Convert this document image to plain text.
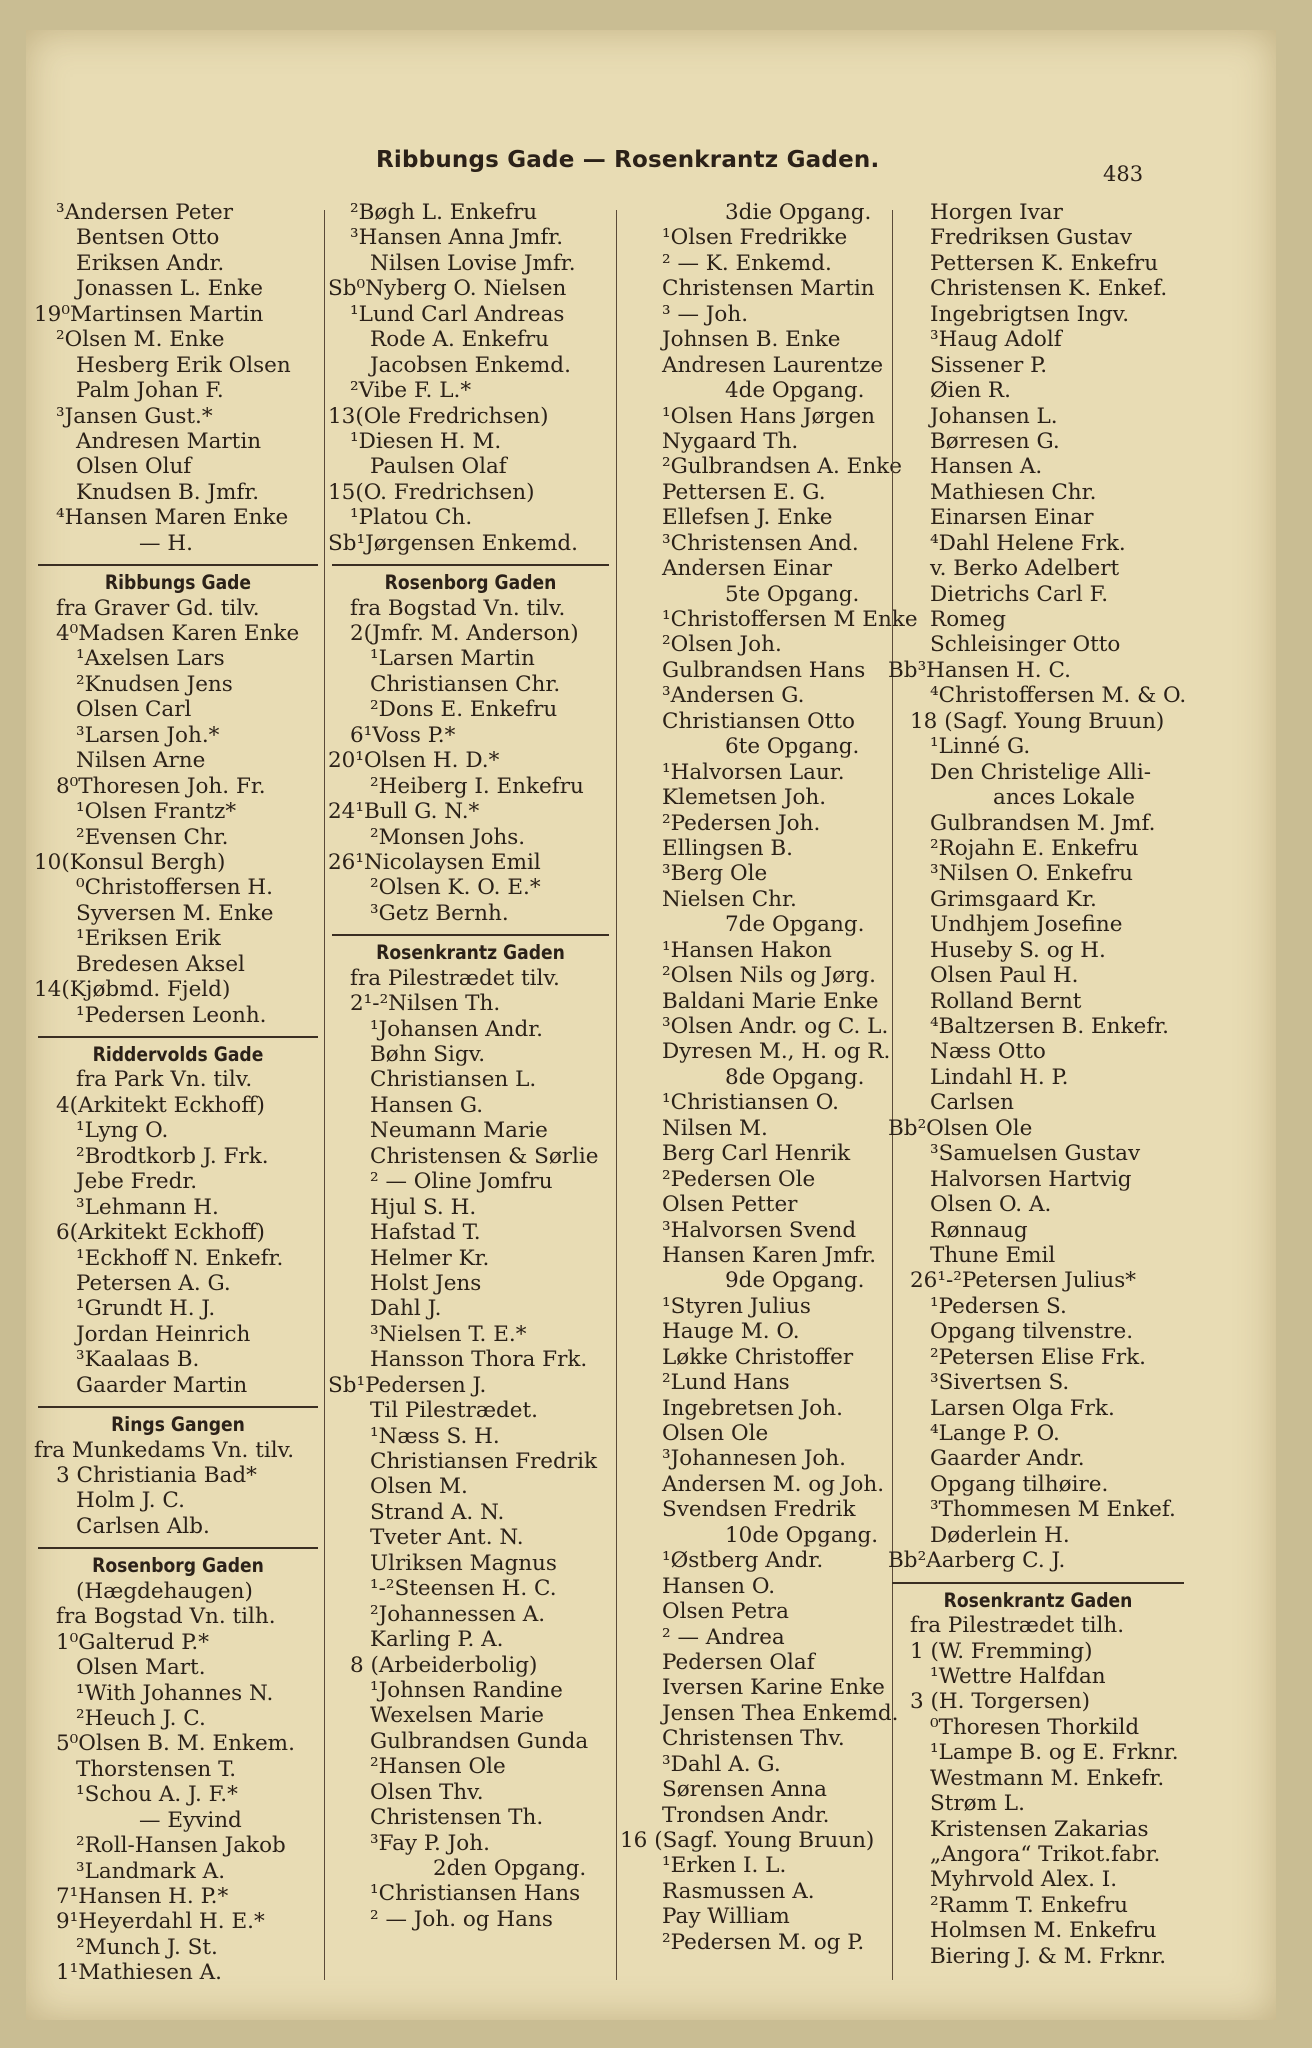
Ribbungs Gade — Rosenkrantz Gaden.
483
³Andersen Peter
Bentsen Otto
Eriksen Andr.
Jonassen L. Enke
19⁰Martinsen Martin
²Olsen M. Enke
Hesberg Erik Olsen
Palm Johan F.
³Jansen Gust.*
Andresen Martin
Olsen Oluf
Knudsen B. Jmfr.
⁴Hansen Maren Enke
— H.
Ribbungs Gade
fra Graver Gd. tilv.
4⁰Madsen Karen Enke
¹Axelsen Lars
²Knudsen Jens
Olsen Carl
³Larsen Joh.*
Nilsen Arne
8⁰Thoresen Joh. Fr.
¹Olsen Frantz*
²Evensen Chr.
10(Konsul Bergh)
⁰Christoffersen H.
Syversen M. Enke
¹Eriksen Erik
Bredesen Aksel
14(Kjøbmd. Fjeld)
¹Pedersen Leonh.
Riddervolds Gade
fra Park Vn. tilv.
4(Arkitekt Eckhoff)
¹Lyng O.
²Brodtkorb J. Frk.
Jebe Fredr.
³Lehmann H.
6(Arkitekt Eckhoff)
¹Eckhoff N. Enkefr.
Petersen A. G.
¹Grundt H. J.
Jordan Heinrich
³Kaalaas B.
Gaarder Martin
Rings Gangen
fra Munkedams Vn. tilv.
3 Christiania Bad*
Holm J. C.
Carlsen Alb.
Rosenborg Gaden
(Hægdehaugen)
fra Bogstad Vn. tilh.
1⁰Galterud P.*
Olsen Mart.
¹With Johannes N.
²Heuch J. C.
5⁰Olsen B. M. Enkem.
Thorstensen T.
¹Schou A. J. F.*
— Eyvind
²Roll-Hansen Jakob
³Landmark A.
7¹Hansen H. P.*
9¹Heyerdahl H. E.*
²Munch J. St.
1¹Mathiesen A.
²Bøgh L. Enkefru
³Hansen Anna Jmfr.
Nilsen Lovise Jmfr.
Sb⁰Nyberg O. Nielsen
¹Lund Carl Andreas
Rode A. Enkefru
Jacobsen Enkemd.
²Vibe F. L.*
13(Ole Fredrichsen)
¹Diesen H. M.
Paulsen Olaf
15(O. Fredrichsen)
¹Platou Ch.
Sb¹Jørgensen Enkemd.
Rosenborg Gaden
fra Bogstad Vn. tilv.
2(Jmfr. M. Anderson)
¹Larsen Martin
Christiansen Chr.
²Dons E. Enkefru
6¹Voss P.*
20¹Olsen H. D.*
²Heiberg I. Enkefru
24¹Bull G. N.*
²Monsen Johs.
26¹Nicolaysen Emil
²Olsen K. O. E.*
³Getz Bernh.
Rosenkrantz Gaden
fra Pilestrædet tilv.
2¹-²Nilsen Th.
¹Johansen Andr.
Bøhn Sigv.
Christiansen L.
Hansen G.
Neumann Marie
Christensen & Sørlie
² — Oline Jomfru
Hjul S. H.
Hafstad T.
Helmer Kr.
Holst Jens
Dahl J.
³Nielsen T. E.*
Hansson Thora Frk.
Sb¹Pedersen J.
Til Pilestrædet.
¹Næss S. H.
Christiansen Fredrik
Olsen M.
Strand A. N.
Tveter Ant. N.
Ulriksen Magnus
¹-²Steensen H. C.
²Johannessen A.
Karling P. A.
8 (Arbeiderbolig)
¹Johnsen Randine
Wexelsen Marie
Gulbrandsen Gunda
²Hansen Ole
Olsen Thv.
Christensen Th.
³Fay P. Joh.
2den Opgang.
¹Christiansen Hans
² — Joh. og Hans
3die Opgang.
¹Olsen Fredrikke
² — K. Enkemd.
Christensen Martin
³ — Joh.
Johnsen B. Enke
Andresen Laurentze
4de Opgang.
¹Olsen Hans Jørgen
Nygaard Th.
²Gulbrandsen A. Enke
Pettersen E. G.
Ellefsen J. Enke
³Christensen And.
Andersen Einar
5te Opgang.
¹Christoffersen M Enke
²Olsen Joh.
Gulbrandsen Hans
³Andersen G.
Christiansen Otto
6te Opgang.
¹Halvorsen Laur.
Klemetsen Joh.
²Pedersen Joh.
Ellingsen B.
³Berg Ole
Nielsen Chr.
7de Opgang.
¹Hansen Hakon
²Olsen Nils og Jørg.
Baldani Marie Enke
³Olsen Andr. og C. L.
Dyresen M., H. og R.
8de Opgang.
¹Christiansen O.
Nilsen M.
Berg Carl Henrik
²Pedersen Ole
Olsen Petter
³Halvorsen Svend
Hansen Karen Jmfr.
9de Opgang.
¹Styren Julius
Hauge M. O.
Løkke Christoffer
²Lund Hans
Ingebretsen Joh.
Olsen Ole
³Johannesen Joh.
Andersen M. og Joh.
Svendsen Fredrik
10de Opgang.
¹Østberg Andr.
Hansen O.
Olsen Petra
² — Andrea
Pedersen Olaf
Iversen Karine Enke
Jensen Thea Enkemd.
Christensen Thv.
³Dahl A. G.
Sørensen Anna
Trondsen Andr.
16 (Sagf. Young Bruun)
¹Erken I. L.
Rasmussen A.
Pay William
²Pedersen M. og P.
Horgen Ivar
Fredriksen Gustav
Pettersen K. Enkefru
Christensen K. Enkef.
Ingebrigtsen Ingv.
³Haug Adolf
Sissener P.
Øien R.
Johansen L.
Børresen G.
Hansen A.
Mathiesen Chr.
Einarsen Einar
⁴Dahl Helene Frk.
v. Berko Adelbert
Dietrichs Carl F.
Romeg
Schleisinger Otto
Bb³Hansen H. C.
⁴Christoffersen M. & O.
18 (Sagf. Young Bruun)
¹Linné G.
Den Christelige Alli-
ances Lokale
Gulbrandsen M. Jmf.
²Rojahn E. Enkefru
³Nilsen O. Enkefru
Grimsgaard Kr.
Undhjem Josefine
Huseby S. og H.
Olsen Paul H.
Rolland Bernt
⁴Baltzersen B. Enkefr.
Næss Otto
Lindahl H. P.
Carlsen
Bb²Olsen Ole
³Samuelsen Gustav
Halvorsen Hartvig
Olsen O. A.
Rønnaug
Thune Emil
26¹-²Petersen Julius*
¹Pedersen S.
Opgang tilvenstre.
²Petersen Elise Frk.
³Sivertsen S.
Larsen Olga Frk.
⁴Lange P. O.
Gaarder Andr.
Opgang tilhøire.
³Thommesen M Enkef.
Døderlein H.
Bb²Aarberg C. J.
Rosenkrantz Gaden
fra Pilestrædet tilh.
1 (W. Fremming)
¹Wettre Halfdan
3 (H. Torgersen)
⁰Thoresen Thorkild
¹Lampe B. og E. Frknr.
Westmann M. Enkefr.
Strøm L.
Kristensen Zakarias
„Angora“ Trikot.fabr.
Myhrvold Alex. I.
²Ramm T. Enkefru
Holmsen M. Enkefru
Biering J. & M. Frknr.
